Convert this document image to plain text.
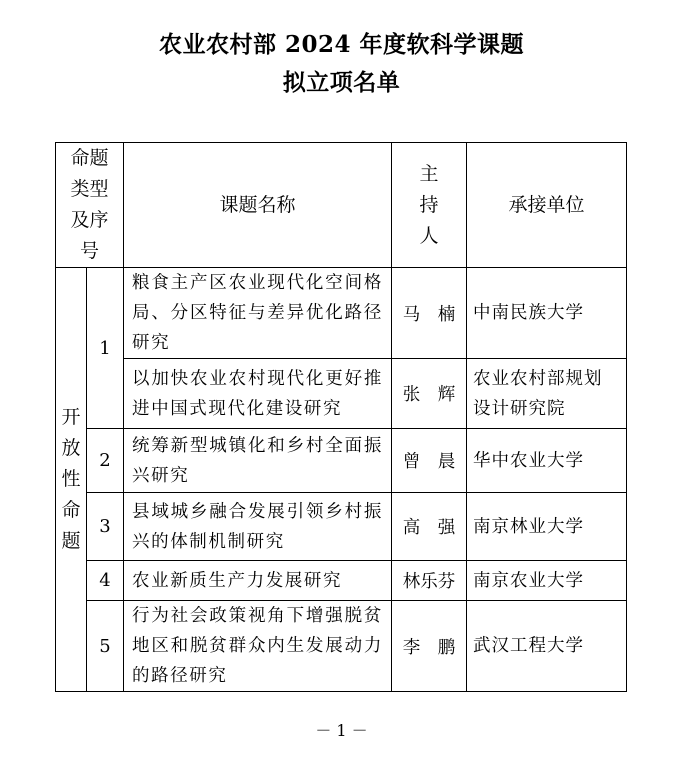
农业农村部 2024 年度软科学课题
拟立项名单
命题类型及序号		课题名称	主持人	承接单位

开放性命题	1	粮食主产区农业现代化空间格局、分区特征与差异优化路径研究	马　楠	中南民族大学
		以加快农业农村现代化更好推进中国式现代化建设研究	张　辉	农业农村部规划设计研究院
	2	统筹新型城镇化和乡村全面振兴研究	曾　晨	华中农业大学
	3	县域城乡融合发展引领乡村振兴的体制机制研究	高　强	南京林业大学
	4	农业新质生产力发展研究	林乐芬	南京农业大学
	5	行为社会政策视角下增强脱贫地区和脱贫群众内生发展动力的路径研究	李　鹏	武汉工程大学
－ 1 －
